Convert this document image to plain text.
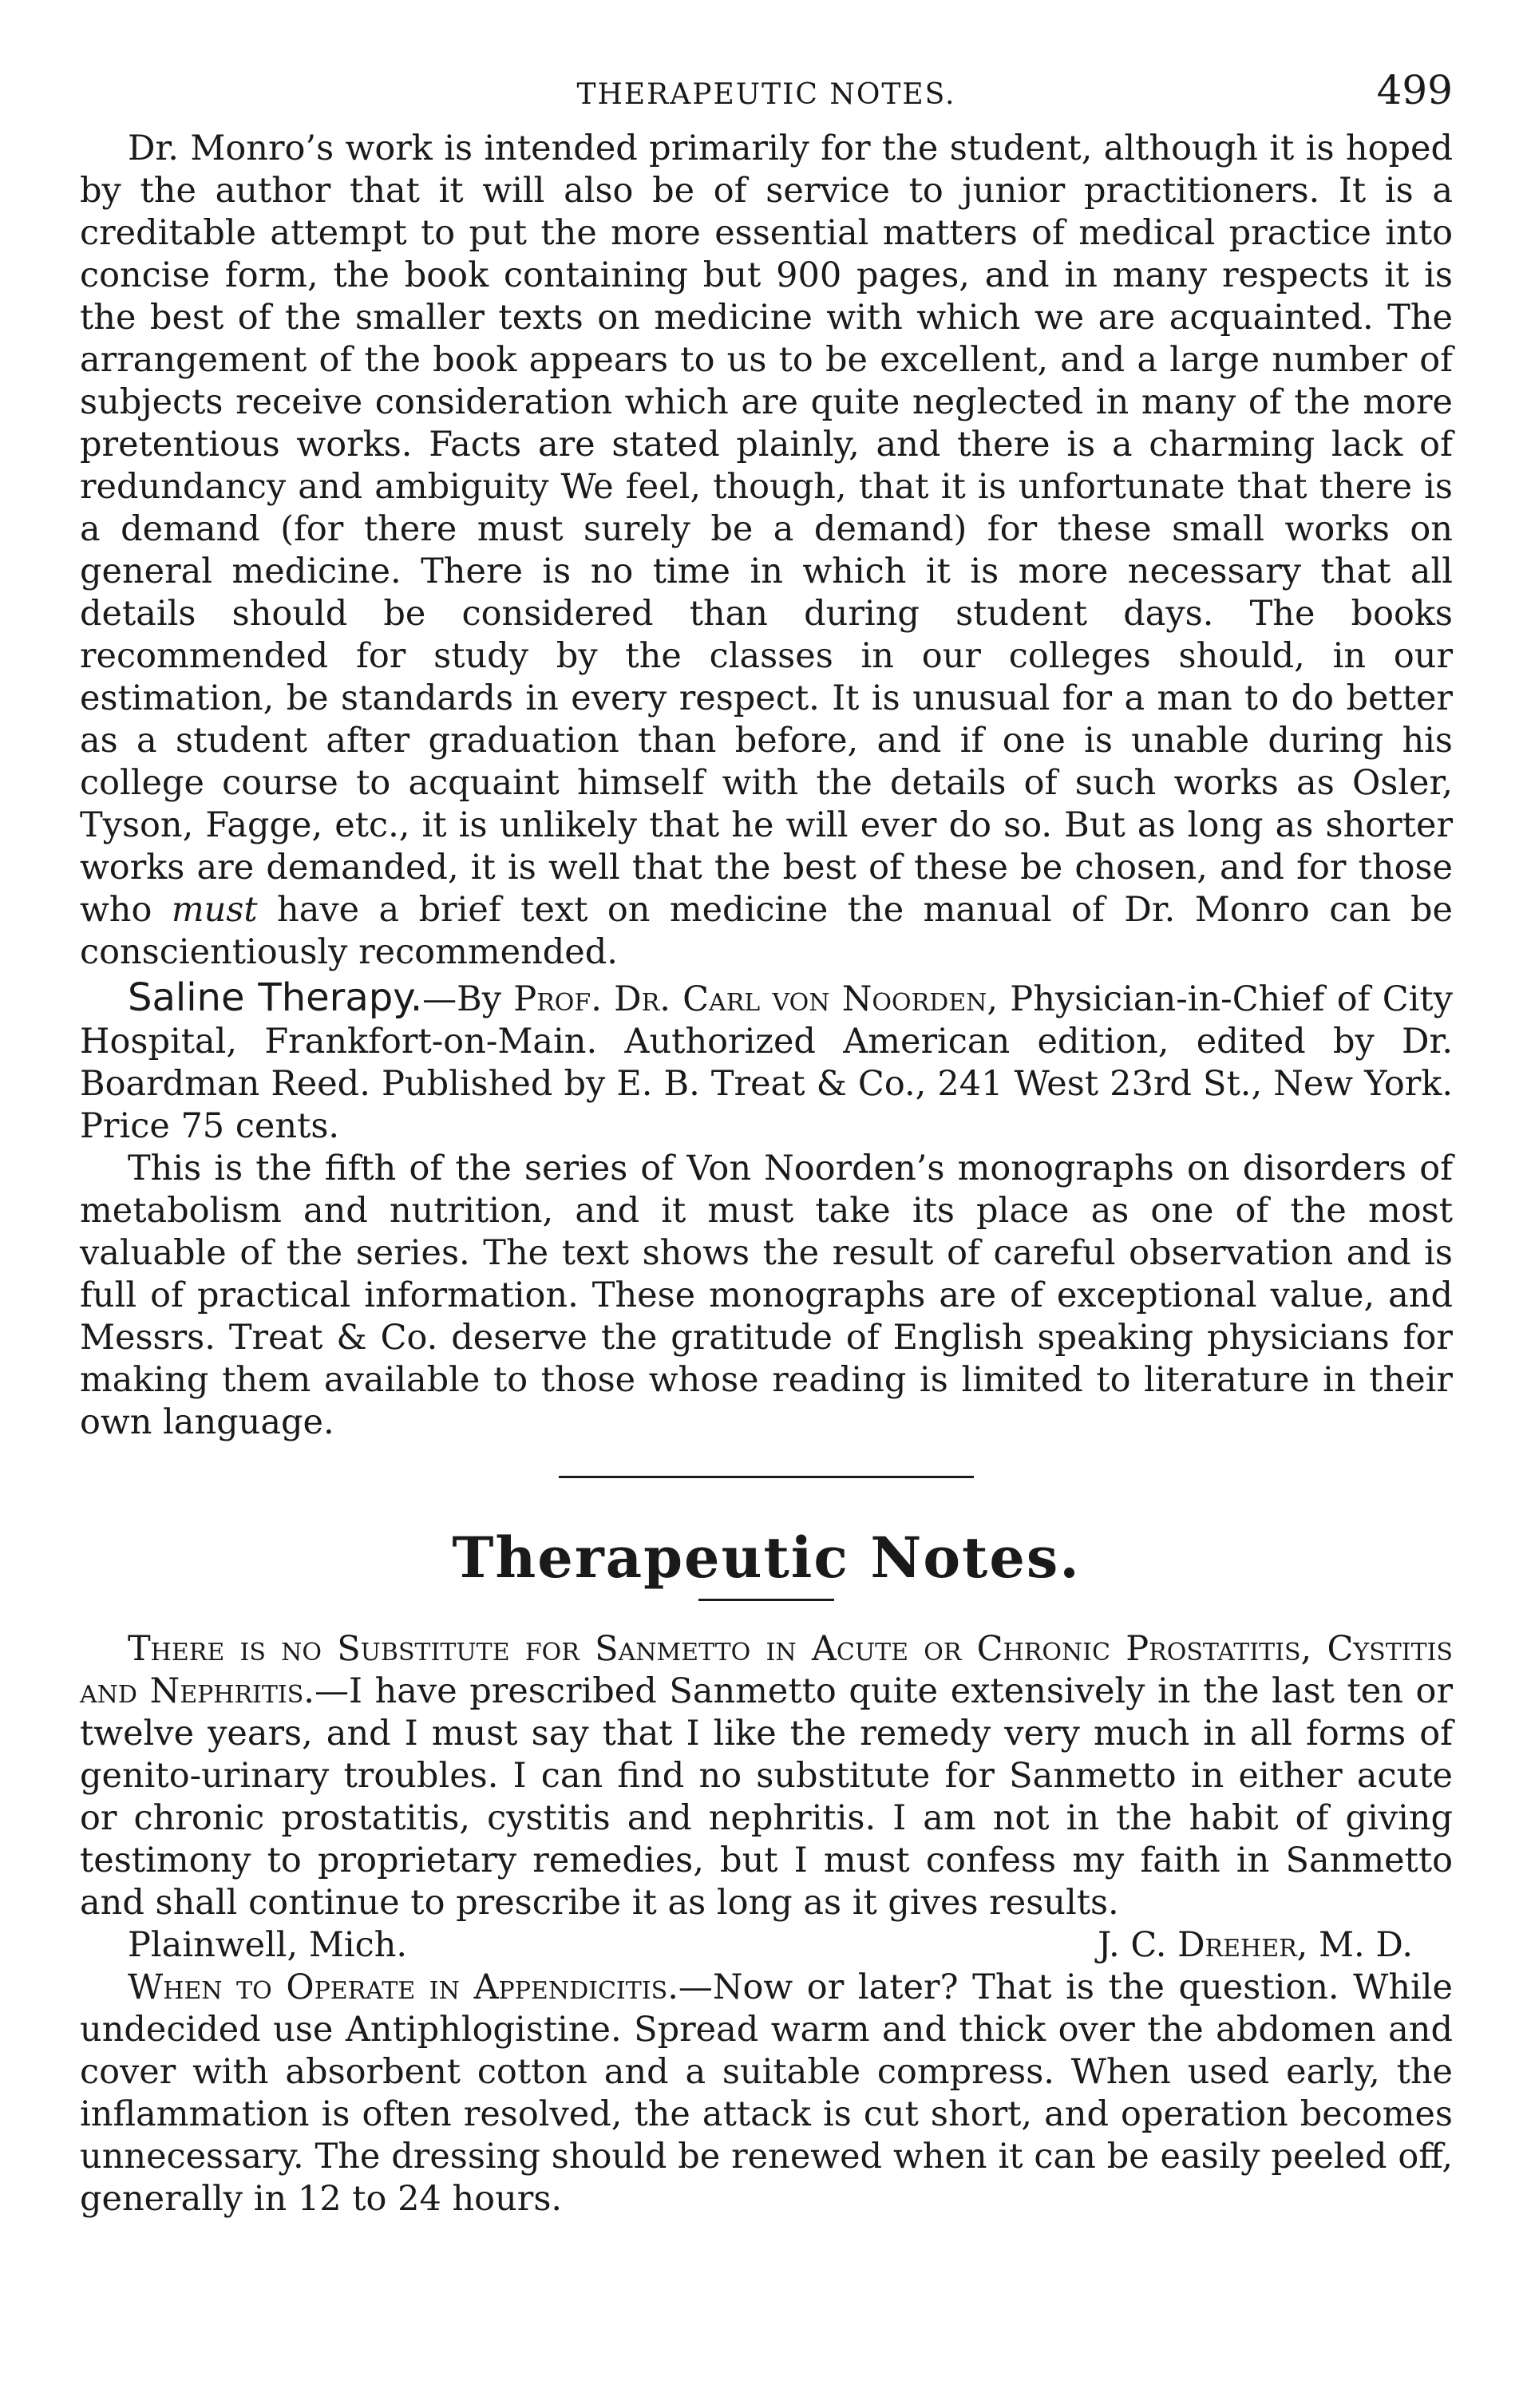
THERAPEUTIC NOTES.	499

Dr. Monro’s work is intended primarily for the student, although it is hoped by the author that it will also be of service to junior practitioners. It is a creditable attempt to put the more essential matters of medical practice into concise form, the book containing but 900 pages, and in many respects it is the best of the smaller texts on medicine with which we are acquainted. The arrangement of the book appears to us to be excellent, and a large number of subjects receive consideration which are quite neglected in many of the more pretentious works. Facts are stated plainly, and there is a charming lack of redundancy and ambiguity We feel, though, that it is unfortunate that there is a demand (for there must surely be a demand) for these small works on general medicine. There is no time in which it is more necessary that all details should be considered than during student days. The books recommended for study by the classes in our colleges should, in our estimation, be standards in every respect. It is unusual for a man to do better as a student after graduation than before, and if one is unable during his college course to acquaint himself with the details of such works as Osler, Tyson, Fagge, etc., it is unlikely that he will ever do so. But as long as shorter works are demanded, it is well that the best of these be chosen, and for those who must have a brief text on medicine the manual of Dr. Monro can be conscientiously recommended.

Saline Therapy.—By Prof. Dr. Carl von Noorden, Physician-in-Chief of City Hospital, Frankfort-on-Main. Authorized American edition, edited by Dr. Boardman Reed. Published by E. B. Treat & Co., 241 West 23rd St., New York. Price 75 cents.

This is the fifth of the series of Von Noorden’s monographs on disorders of metabolism and nutrition, and it must take its place as one of the most valuable of the series. The text shows the result of careful observation and is full of practical information. These monographs are of exceptional value, and Messrs. Treat & Co. deserve the gratitude of English speaking physicians for making them available to those whose reading is limited to literature in their own language.

Therapeutic Notes.

There is no Substitute for Sanmetto in Acute or Chronic Prostatitis, Cystitis and Nephritis.—I have prescribed Sanmetto quite extensively in the last ten or twelve years, and I must say that I like the remedy very much in all forms of genito-urinary troubles. I can find no substitute for Sanmetto in either acute or chronic prostatitis, cystitis and nephritis. I am not in the habit of giving testimony to proprietary remedies, but I must confess my faith in Sanmetto and shall continue to prescribe it as long as it gives results.

Plainwell, Mich.	J. C. Dreher, M. D.

When to Operate in Appendicitis.—Now or later? That is the question. While undecided use Antiphlogistine. Spread warm and thick over the abdomen and cover with absorbent cotton and a suitable compress. When used early, the inflammation is often resolved, the attack is cut short, and operation becomes unnecessary. The dressing should be renewed when it can be easily peeled off, generally in 12 to 24 hours.
